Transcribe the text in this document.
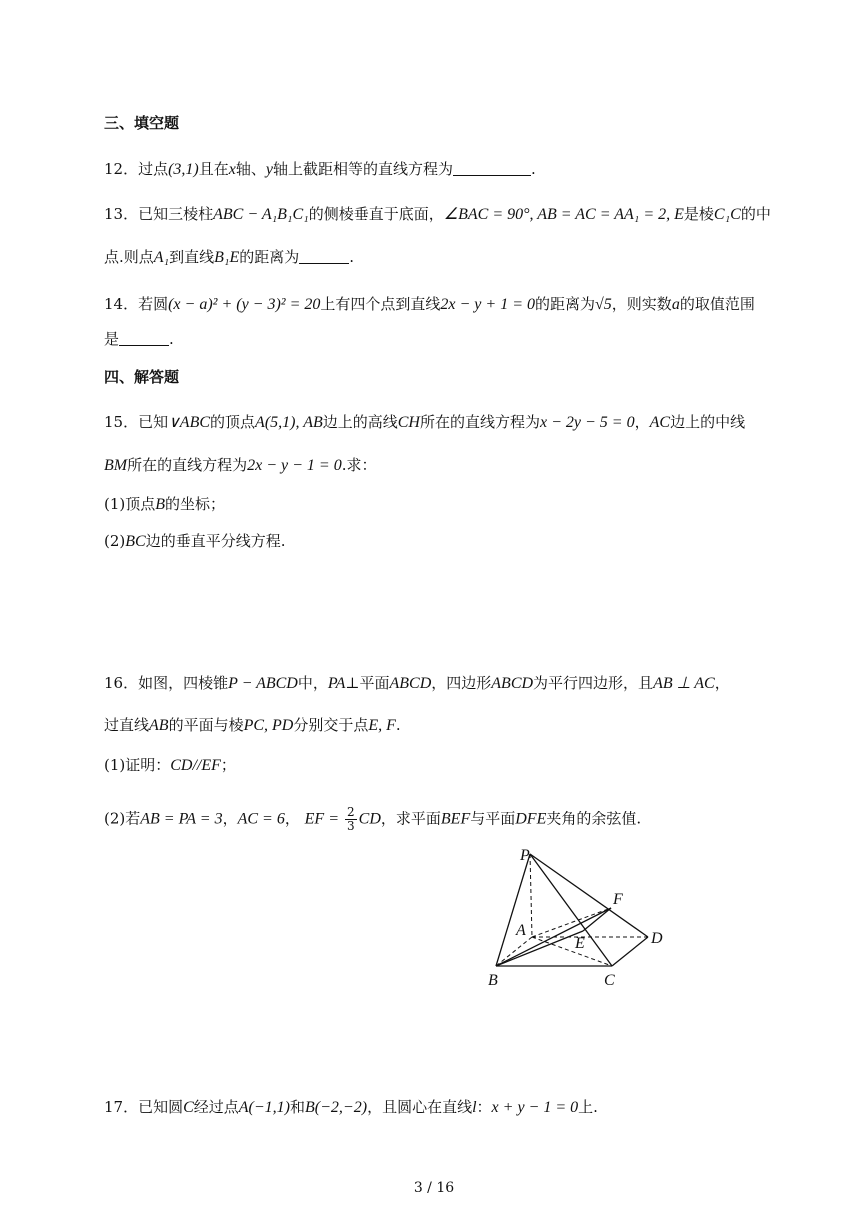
三、填空题
12．过点(3,1)且在x轴、y轴上截距相等的直线方程为	.
13．已知三棱柱ABC − A₁B₁C₁的侧棱垂直于底面，∠BAC = 90°, AB = AC = AA₁ = 2, E是棱C₁C的中
点.则点A₁到直线B₁E的距离为	.
14．若圆(x − a)² + (y − 3)² = 20上有四个点到直线2x − y + 1 = 0的距离为√5，则实数a的取值范围
是	.
四、解答题
15．已知∨ABC的顶点A(5,1), AB边上的高线CH所在的直线方程为x − 2y − 5 = 0，AC边上的中线
BM所在的直线方程为2x − y − 1 = 0.求：
(1)顶点B的坐标；
(2)BC边的垂直平分线方程.
16．如图，四棱锥P − ABCD中，PA⊥平面ABCD，四边形ABCD为平行四边形，且AB ⊥ AC，
过直线AB的平面与棱PC, PD分别交于点E, F.
(1)证明：CD//EF；
(2)若AB = PA = 3，AC = 6， EF = $\frac{2}{3}$ CD，求平面BEF与平面DFE夹角的余弦值.
P
A
B	C
D
E
F
17．已知圆C经过点A(−1,1)和B(−2,−2)，且圆心在直线l：x + y − 1 = 0上.
3 / 16
